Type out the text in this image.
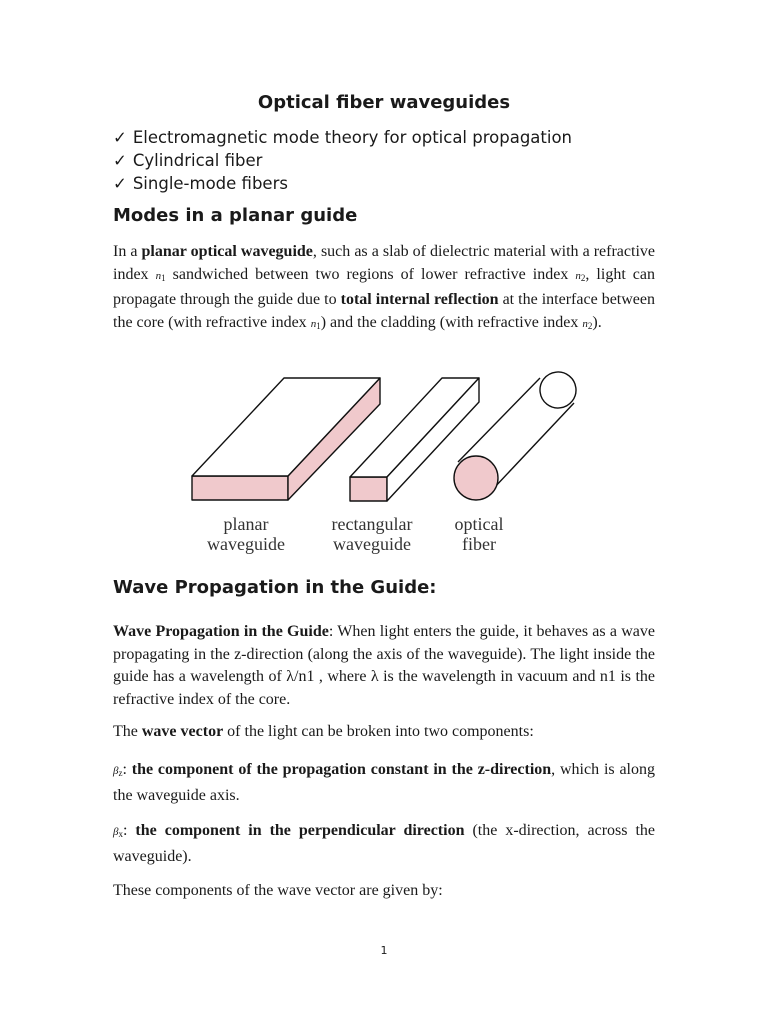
Optical fiber waveguides
✓ Electromagnetic mode theory for optical propagation
✓ Cylindrical fiber
✓ Single-mode fibers
Modes in a planar guide

In a planar optical waveguide, such as a slab of dielectric material with a refractive index $n_1$ sandwiched between two regions of lower refractive index $n_2$, light can propagate through the guide due to total internal reflection at the interface between the core (with refractive index $n_1$) and the cladding (with refractive index $n_2$).

planar
waveguide
rectangular
waveguide
optical
fiber
Wave Propagation in the Guide:

Wave Propagation in the Guide: When light enters the guide, it behaves as a wave propagating in the z-direction (along the axis of the waveguide). The light inside the guide has a wavelength of λ/n1 , where λ is the wavelength in vacuum and n1 is the refractive index of the core.

The wave vector of the light can be broken into two components:

$\beta_z$: the component of the propagation constant in the z-direction, which is along the waveguide axis.

$\beta_x$: the component in the perpendicular direction (the x-direction, across the waveguide).

These components of the wave vector are given by:

1
